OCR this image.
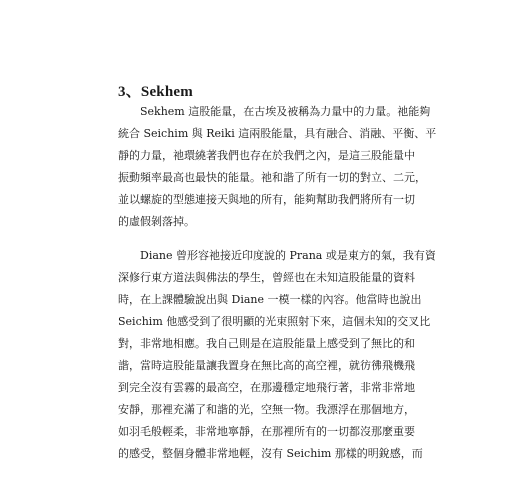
3、Sekhem
　　Sekhem 這股能量，在古埃及被稱為力量中的力量。祂能夠
統合 Seichim 與 Reiki 這兩股能量，具有融合、消融、平衡、平
靜的力量，祂環繞著我們也存在於我們之內，是這三股能量中
振動頻率最高也最快的能量。祂和諧了所有一切的對立、二元，
並以螺旋的型態連接天與地的所有，能夠幫助我們將所有一切
的虛假剝落掉。
　　Diane 曾形容祂接近印度說的 Prana 或是東方的氣，我有資
深修行東方道法與佛法的學生，曾經也在未知這股能量的資料
時，在上課體驗說出與 Diane 一模一樣的內容。他當時也說出
Seichim 他感受到了很明顯的光束照射下來，這個未知的交叉比
對，非常地相應。我自己則是在這股能量上感受到了無比的和
諧，當時這股能量讓我置身在無比高的高空裡，就彷彿飛機飛
到完全沒有雲霧的最高空，在那邊穩定地飛行著，非常非常地
安靜，那裡充滿了和諧的光，空無一物。我漂浮在那個地方，
如羽毛般輕柔，非常地寧靜，在那裡所有的一切都沒那麼重要
的感受，整個身體非常地輕，沒有 Seichim 那樣的明銳感，而
